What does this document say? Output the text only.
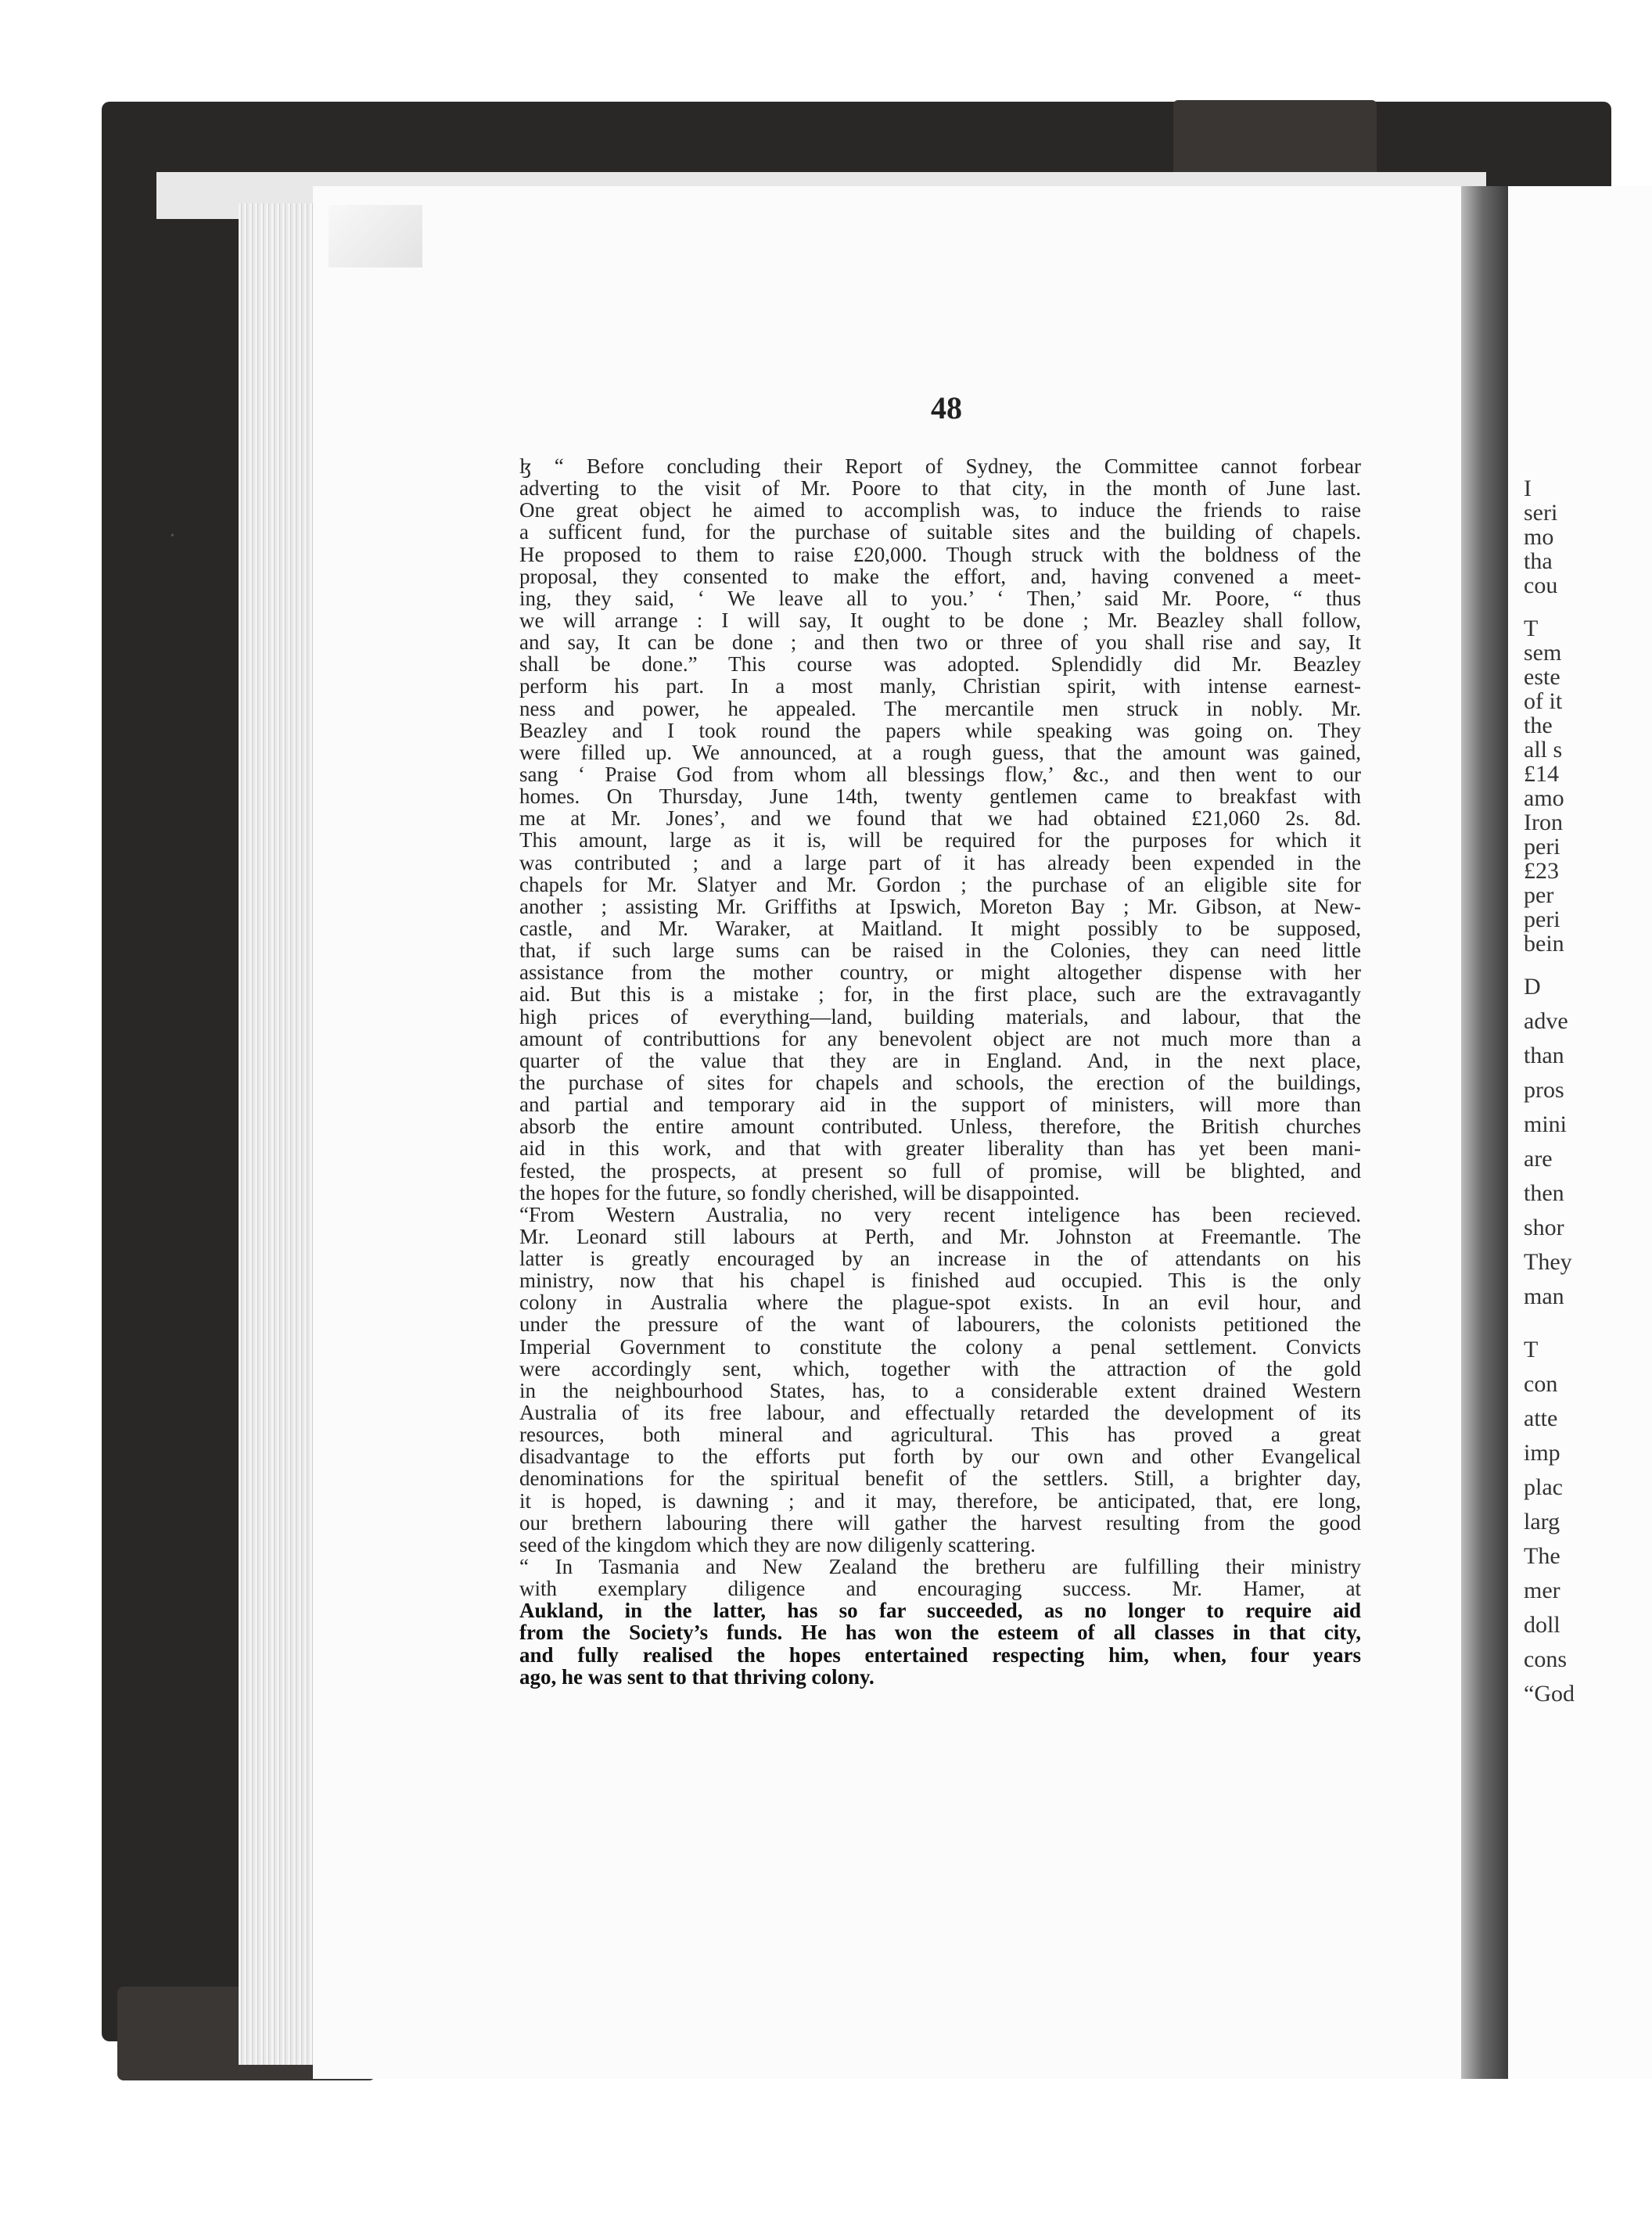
I
seri
mo
tha
cou
T
sem
este
of it
the
all s
£14
amo
Iron
peri
£23
per
peri
bein
D
adve
than
pros
mini
are
then
shor
They
man
T
con
atte
imp
plac
larg
The
mer
doll
cons
“God
•
48
ɮ “ Before concluding their Report of Sydney, the Committee cannot forbear
adverting to the visit of Mr. Poore to that city, in the month of June last.
One great object he aimed to accomplish was, to induce the friends to raise
a sufficent fund, for the purchase of suitable sites and the building of chapels.
He proposed to them to raise £20,000. Though struck with the boldness of the
proposal, they consented to make the effort, and, having convened a meet-
ing, they said, ‘ We leave all to you.’ ‘ Then,’ said Mr. Poore, “ thus
we will arrange : I will say, It ought to be done ; Mr. Beazley shall follow,
and say, It can be done ; and then two or three of you shall rise and say, It
shall be done.” This course was adopted. Splendidly did Mr. Beazley
perform his part. In a most manly, Christian spirit, with intense earnest-
ness and power, he appealed. The mercantile men struck in nobly. Mr.
Beazley and I took round the papers while speaking was going on. They
were filled up. We announced, at a rough guess, that the amount was gained,
sang ‘ Praise God from whom all blessings flow,’ &c., and then went to our
homes. On Thursday, June 14th, twenty gentlemen came to breakfast with
me at Mr. Jones’, and we found that we had obtained £21,060 2s. 8d.
This amount, large as it is, will be required for the purposes for which it
was contributed ; and a large part of it has already been expended in the
chapels for Mr. Slatyer and Mr. Gordon ; the purchase of an eligible site for
another ; assisting Mr. Griffiths at Ipswich, Moreton Bay ; Mr. Gibson, at New-
castle, and Mr. Waraker, at Maitland. It might possibly to be supposed,
that, if such large sums can be raised in the Colonies, they can need little
assistance from the mother country, or might altogether dispense with her
aid. But this is a mistake ; for, in the first place, such are the extravagantly
high prices of everything—land, building materials, and labour, that the
amount of contributtions for any benevolent object are not much more than a
quarter of the value that they are in England. And, in the next place,
the purchase of sites for chapels and schools, the erection of the buildings,
and partial and temporary aid in the support of ministers, will more than
absorb the entire amount contributed. Unless, therefore, the British churches
aid in this work, and that with greater liberality than has yet been mani-
fested, the prospects, at present so full of promise, will be blighted, and
the hopes for the future, so fondly cherished, will be disappointed.
“From Western Australia, no very recent inteligence has been recieved.
Mr. Leonard still labours at Perth, and Mr. Johnston at Freemantle. The
latter is greatly encouraged by an increase in the of attendants on his
ministry, now that his chapel is finished aud occupied. This is the only
colony in Australia where the plague-spot exists. In an evil hour, and
under the pressure of the want of labourers, the colonists petitioned the
Imperial Government to constitute the colony a penal settlement. Convicts
were accordingly sent, which, together with the attraction of the gold
in the neighbourhood States, has, to a considerable extent drained Western
Australia of its free labour, and effectually retarded the development of its
resources, both mineral and agricultural. This has proved a great
disadvantage to the efforts put forth by our own and other Evangelical
denominations for the spiritual benefit of the settlers. Still, a brighter day,
it is hoped, is dawning ; and it may, therefore, be anticipated, that, ere long,
our brethern labouring there will gather the harvest resulting from the good
seed of the kingdom which they are now diligenly scattering.
“ In Tasmania and New Zealand the bretheru are fulfilling their ministry
with exemplary diligence and encouraging success. Mr. Hamer, at
Aukland, in the latter, has so far succeeded, as no longer to require aid
from the Society’s funds. He has won the esteem of all classes in that city,
and fully realised the hopes entertained respecting him, when, four years
ago, he was sent to that thriving colony.
